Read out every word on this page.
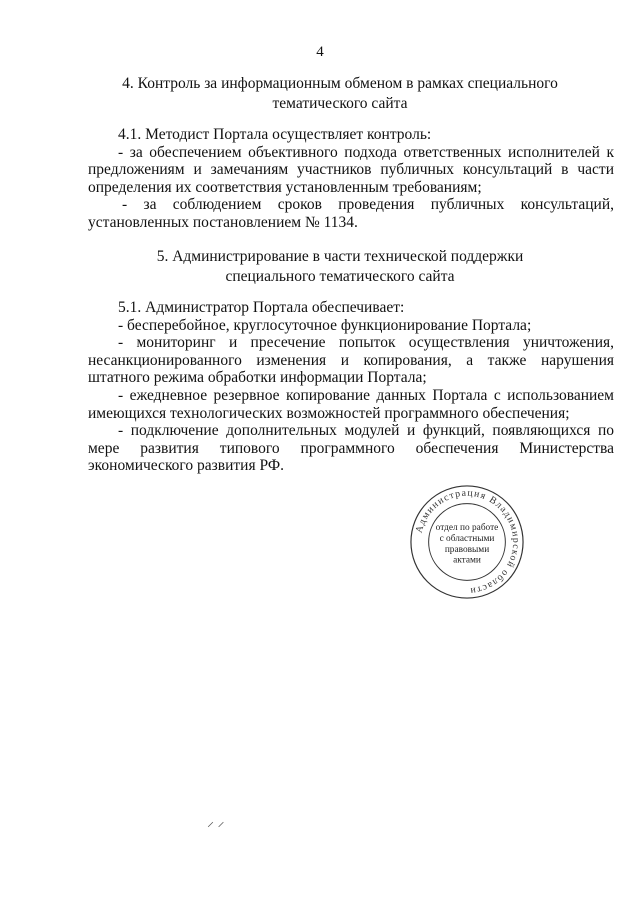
4
4. Контроль за информационным обменом в рамках специального
тематического сайта

4.1. Методист Портала осуществляет контроль:

- за обеспечением объективного подхода ответственных исполнителей к предложениям и замечаниям участников публичных консультаций в части определения их соответствия установленным требованиям;

- за соблюдением сроков проведения публичных консультаций, установленных постановлением № 1134.

5. Администрирование в части технической поддержки
специального тематического сайта

5.1. Администратор Портала обеспечивает:

- бесперебойное, круглосуточное функционирование Портала;

- мониторинг и пресечение попыток осуществления уничтожения, несанкционированного изменения и копирования, а также нарушения штатного режима обработки информации Портала;

- ежедневное резервное копирование данных Портала с использованием имеющихся технологических возможностей программного обеспечения;

- подключение дополнительных модулей и функций, появляющихся по мере развития типового программного обеспечения Министерства экономического развития РФ.

Администрация Владимирской области
отдел по работе
с областными
правовыми
актами
⸝ ⸝
